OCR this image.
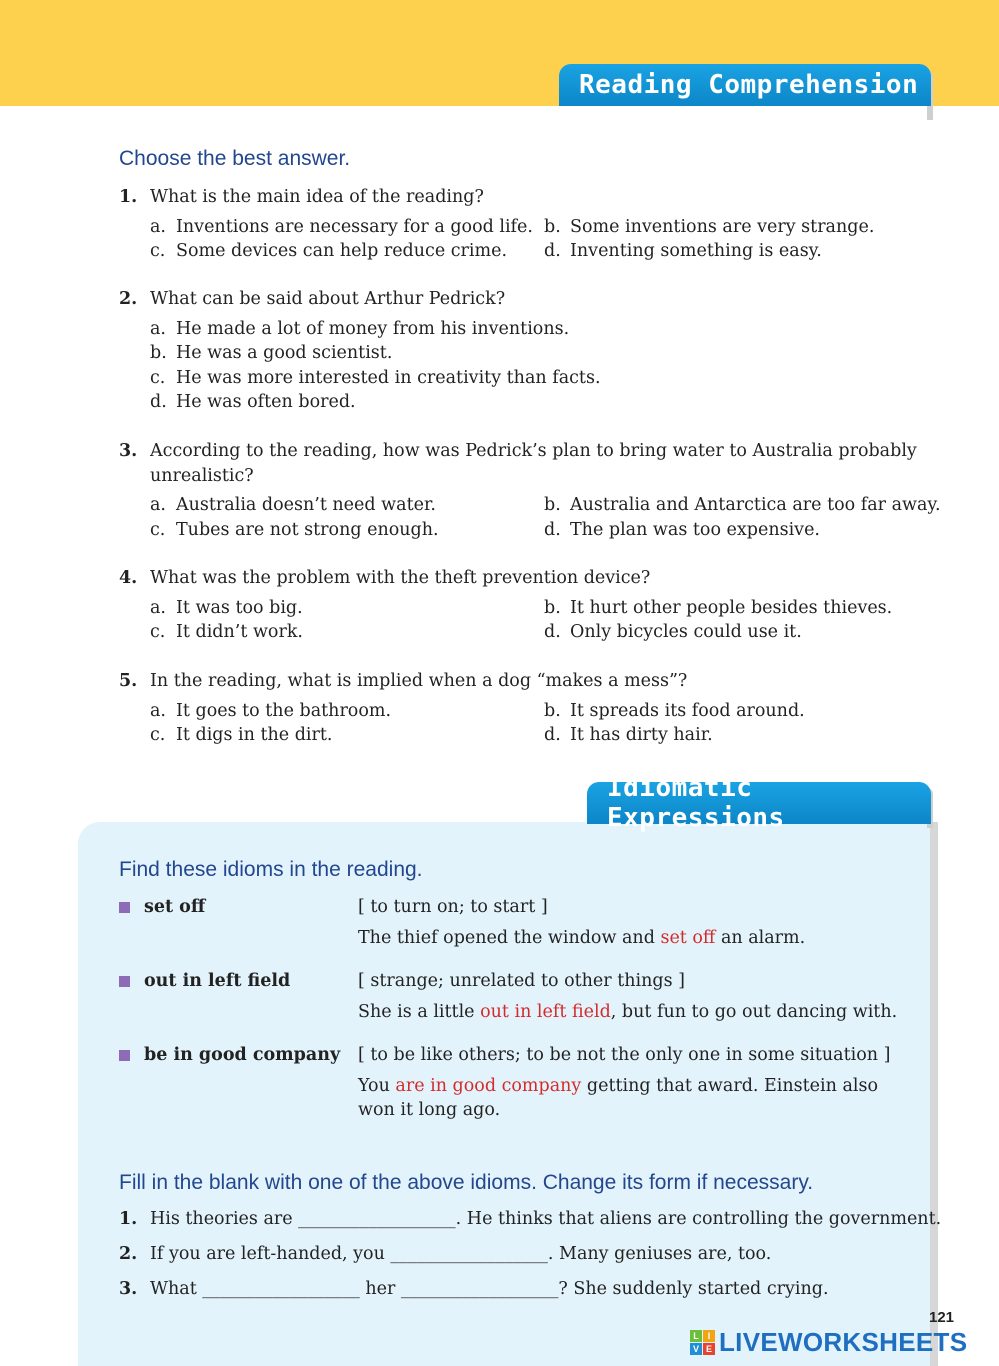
Reading Comprehension
Choose the best answer.
1. What is the main idea of the reading?
a. Inventions are necessary for a good life. b. Some inventions are very strange.
c. Some devices can help reduce crime.	d. Inventing something is easy.
2. What can be said about Arthur Pedrick?
a. He made a lot of money from his inventions.
b. He was a good scientist.
c. He was more interested in creativity than facts.
d. He was often bored.
3. According to the reading, how was Pedrick’s plan to bring water to Australia probably unrealistic?
a. Australia doesn’t need water.	b. Australia and Antarctica are too far away.
c. Tubes are not strong enough.	d. The plan was too expensive.
4. What was the problem with the theft prevention device?
a. It was too big.	b. It hurt other people besides thieves.
c. It didn’t work.	d. Only bicycles could use it.
5. In the reading, what is implied when a dog “makes a mess”?
a. It goes to the bathroom.	b. It spreads its food around.
c. It digs in the dirt.	d. It has dirty hair.
Idiomatic Expressions
Find these idioms in the reading.
set off	[ to turn on; to start ]
The thief opened the window and set off an alarm.
out in left field	[ strange; unrelated to other things ]
She is a little out in left field, but fun to go out dancing with.
be in good company [ to be like others; to be not the only one in some situation ]
You are in good company getting that award. Einstein also won it long ago.
Fill in the blank with one of the above idioms. Change its form if necessary.
1. His theories are __________________. He thinks that aliens are controlling the government.
2. If you are left-handed, you __________________. Many geniuses are, too.
3. What __________________ her __________________? She suddenly started crying.
121
L I
V E LIVEWORKSHEETS
